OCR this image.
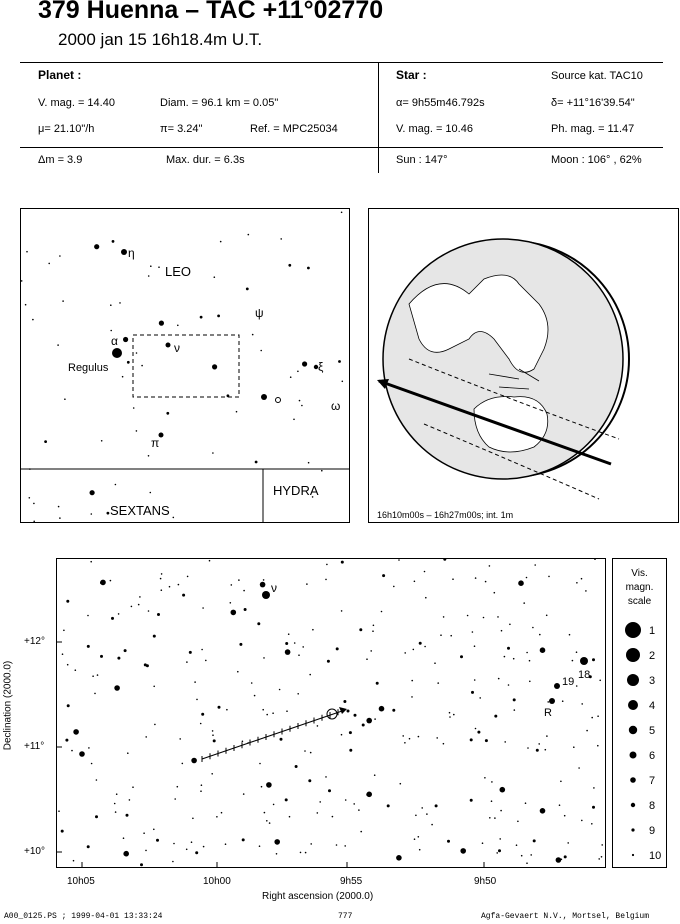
379 Huenna – TAC +11°02770
2000 jan 15 16h18.4m U.T.
Planet :
V. mag. = 14.40	Diam. = 96.1 km = 0.05"
μ= 21.10"/h	π= 3.24"	Ref. = MPC25034
Star :	Source kat. TAC10
α= 9h55m46.792s	δ= +11°16'39.54"
V. mag. = 10.46	Ph. mag. = 11.47
Δm = 3.9	Max. dur. = 6.3s	Sun : 147°	Moon : 106° , 62%
η
α
Regulus
ν
ψ
ξ
ω
π
LEO
SEXTANS
HYDRA
16h10m00s – 16h27m00s; int. 1m
Declination (2000.0)
ν
19
18
R
+12°
+11°
+10°
10h05	10h00	9h55	9h50
Right ascension (2000.0)
Vis.
magn.
scale
1
2
3
4
5
6
7
8
9
10
A00_0125.PS ; 1999-04-01 13:33:24	777	Agfa-Gevaert N.V., Mortsel, Belgium
